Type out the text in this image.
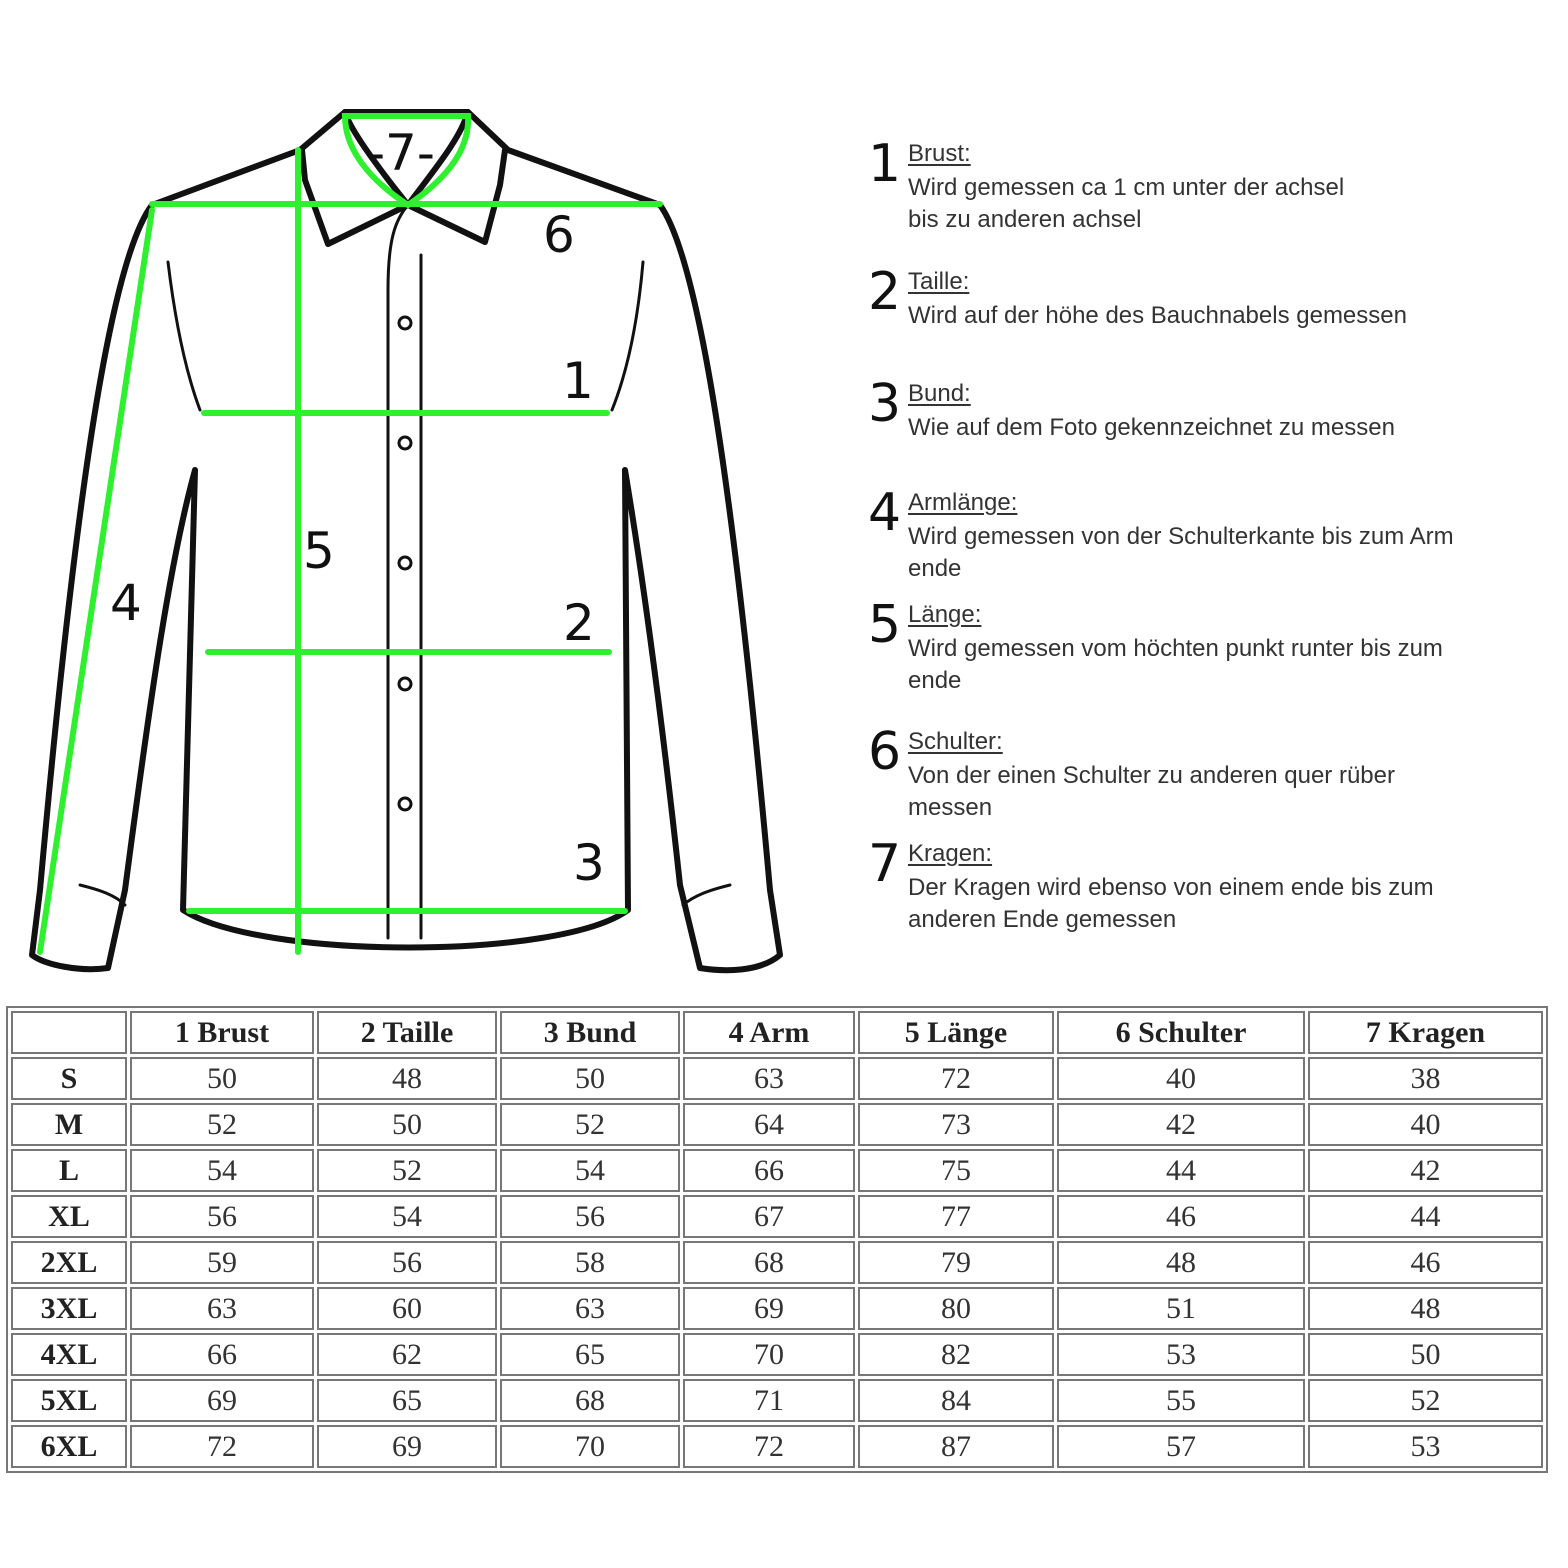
1
2
3
4
5
6
-7-	1 Brust:
Wird gemessen ca 1 cm unter der achsel bis zu anderen achsel
2 Taille:
Wird auf der höhe des Bauchnabels gemessen
3 Bund:
Wie auf dem Foto gekennzeichnet zu messen
4 Armlänge:
Wird gemessen von der Schulterkante bis zum Arm ende
5 Länge:
Wird gemessen vom höchten punkt runter bis zum ende
6 Schulter:
Von der einen Schulter zu anderen quer rüber messen
7 Kragen:
Der Kragen wird ebenso von einem ende bis zum anderen Ende gemessen
	1 Brust	2 Taille	3 Bund	4 Arm	5 Länge	6 Schulter	7 Kragen
S	50	48	50	63	72	40	38
M	52	50	52	64	73	42	40
L	54	52	54	66	75	44	42
XL	56	54	56	67	77	46	44
2XL	59	56	58	68	79	48	46
3XL	63	60	63	69	80	51	48
4XL	66	62	65	70	82	53	50
5XL	69	65	68	71	84	55	52
6XL	72	69	70	72	87	57	53
